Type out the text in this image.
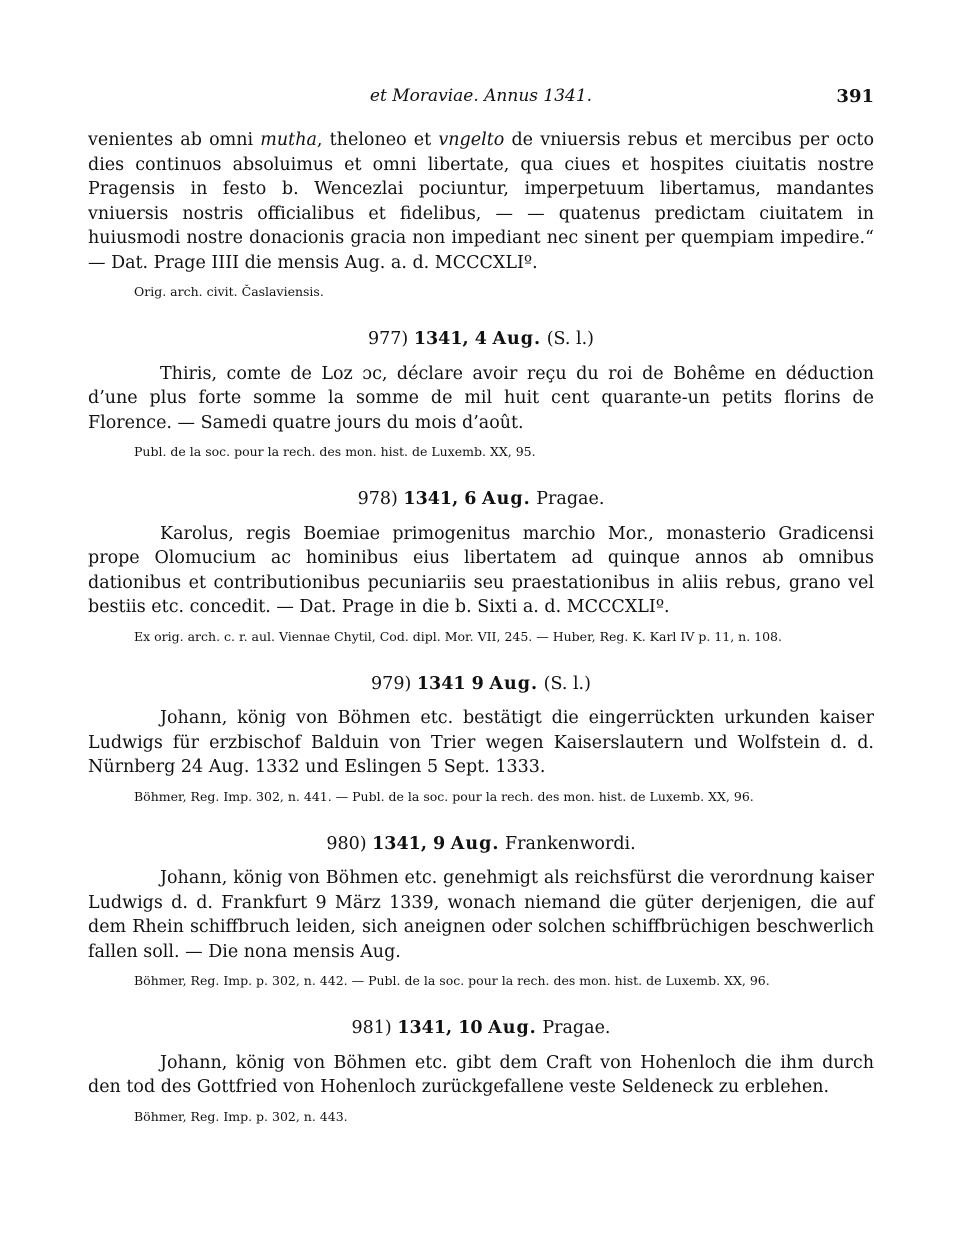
et Moraviae. Annus 1341.	391

venientes ab omni mutha, theloneo et vngelto de vniuersis rebus et mercibus per octo dies continuos absoluimus et omni libertate, qua ciues et hospites ciuitatis nostre Pragensis in festo b. Wencezlai pociuntur, imperpetuum libertamus, mandantes vniuersis nostris officialibus et fidelibus, — — quatenus predictam ciuitatem in huiusmodi nostre donacionis gracia non impediant nec sinent per quempiam impedire.“ — Dat. Prage IIII die mensis Aug. a. d. MCCCXLIº.

Orig. arch. civit. Časlaviensis.

977) 1341, 4 Aug. (S. l.)

Thiris, comte de Loz ɔc, déclare avoir reçu du roi de Bohême en déduction d’une plus forte somme la somme de mil huit cent quarante-un petits florins de Florence. — Samedi quatre jours du mois d’août.

Publ. de la soc. pour la rech. des mon. hist. de Luxemb. XX, 95.

978) 1341, 6 Aug. Pragae.

Karolus, regis Boemiae primogenitus marchio Mor., monasterio Gradicensi prope Olomucium ac hominibus eius libertatem ad quinque annos ab omnibus dationibus et contributionibus pecuniariis seu praestationibus in aliis rebus, grano vel bestiis etc. concedit. — Dat. Prage in die b. Sixti a. d. MCCCXLIº.

Ex orig. arch. c. r. aul. Viennae Chytil, Cod. dipl. Mor. VII, 245. — Huber, Reg. K. Karl IV p. 11, n. 108.

979) 1341 9 Aug. (S. l.)

Johann, könig von Böhmen etc. bestätigt die eingerrückten urkunden kaiser Ludwigs für erzbischof Balduin von Trier wegen Kaiserslautern und Wolfstein d. d. Nürnberg 24 Aug. 1332 und Eslingen 5 Sept. 1333.

Böhmer, Reg. Imp. 302, n. 441. — Publ. de la soc. pour la rech. des mon. hist. de Luxemb. XX, 96.

980) 1341, 9 Aug. Frankenwordi.

Johann, könig von Böhmen etc. genehmigt als reichsfürst die verordnung kaiser Ludwigs d. d. Frankfurt 9 März 1339, wonach niemand die güter derjenigen, die auf dem Rhein schiffbruch leiden, sich aneignen oder solchen schiffbrüchigen beschwerlich fallen soll. — Die nona mensis Aug.

Böhmer, Reg. Imp. p. 302, n. 442. — Publ. de la soc. pour la rech. des mon. hist. de Luxemb. XX, 96.

981) 1341, 10 Aug. Pragae.

Johann, könig von Böhmen etc. gibt dem Craft von Hohenloch die ihm durch den tod des Gottfried von Hohenloch zurückgefallene veste Seldeneck zu erblehen.

Böhmer, Reg. Imp. p. 302, n. 443.
